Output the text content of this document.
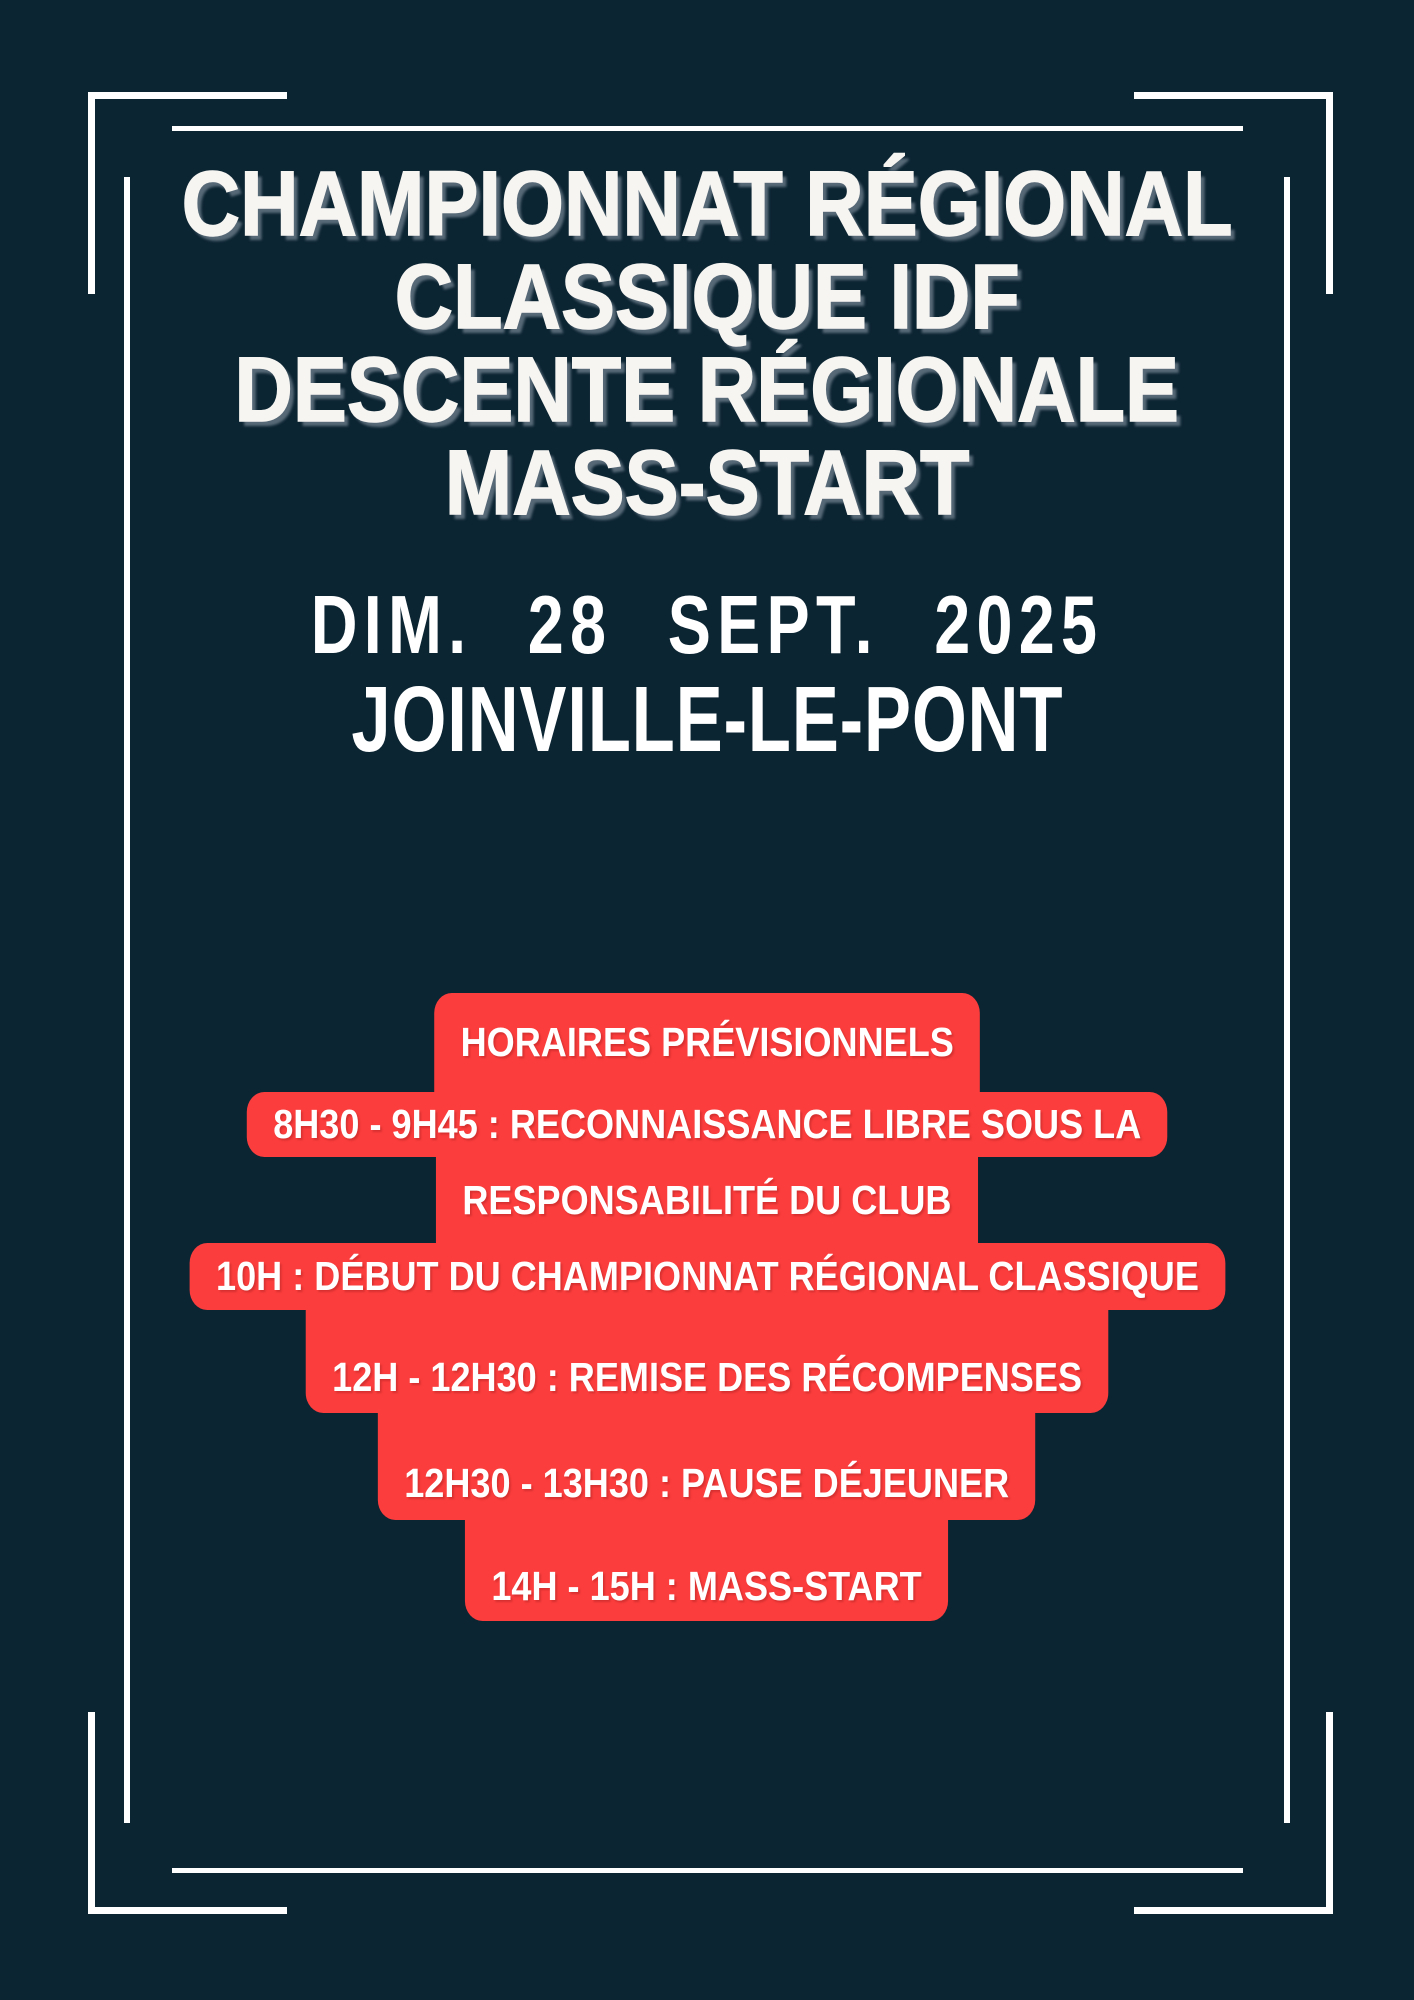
CHAMPIONNAT RÉGIONAL
CLASSIQUE IDF
DESCENTE RÉGIONALE
MASS-START
DIM. 28 SEPT. 2025
JOINVILLE-LE-PONT
HORAIRES PRÉVISIONNELS
8H30 - 9H45 : RECONNAISSANCE LIBRE SOUS LA
RESPONSABILITÉ DU CLUB
10H : DÉBUT DU CHAMPIONNAT RÉGIONAL CLASSIQUE
12H - 12H30 : REMISE DES RÉCOMPENSES
12H30 - 13H30 : PAUSE DÉJEUNER
14H - 15H : MASS-START
